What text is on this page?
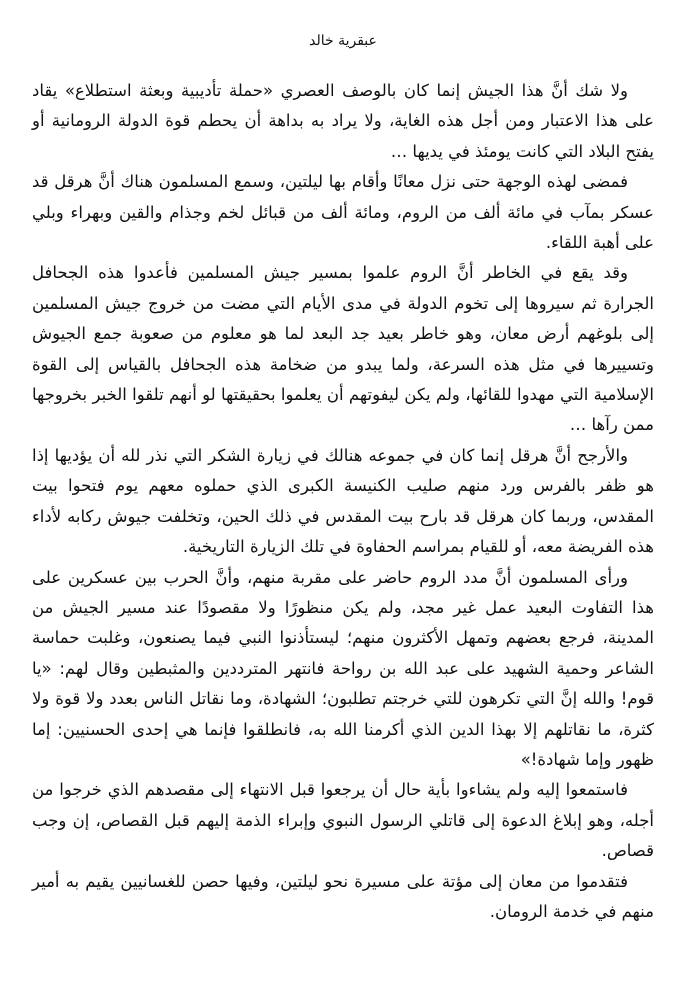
عبقرية خالد

ولا شك أنَّ هذا الجيش إنما كان بالوصف العصري «حملة تأديبية وبعثة استطلاع» يقاد على هذا الاعتبار ومن أجل هذه الغاية، ولا يراد به بداهة أن يحطم قوة الدولة الرومانية أو يفتح البلاد التي كانت يومئذ في يديها …

فمضى لهذه الوجهة حتى نزل معانًا وأقام بها ليلتين، وسمع المسلمون هناك أنَّ هرقل قد عسكر بمآب في مائة ألف من الروم، ومائة ألف من قبائل لخم وجذام والقين وبهراء وبلي على أهبة اللقاء.

وقد يقع في الخاطر أنَّ الروم علموا بمسير جيش المسلمين فأعدوا هذه الجحافل الجرارة ثم سيروها إلى تخوم الدولة في مدى الأيام التي مضت من خروج جيش المسلمين إلى بلوغهم أرض معان، وهو خاطر بعيد جد البعد لما هو معلوم من صعوبة جمع الجيوش وتسييرها في مثل هذه السرعة، ولما يبدو من ضخامة هذه الجحافل بالقياس إلى القوة الإسلامية التي مهدوا للقائها، ولم يكن ليفوتهم أن يعلموا بحقيقتها لو أنهم تلقوا الخبر بخروجها ممن رآها …

والأرجح أنَّ هرقل إنما كان في جموعه هنالك في زيارة الشكر التي نذر لله أن يؤديها إذا هو ظفر بالفرس ورد منهم صليب الكنيسة الكبرى الذي حملوه معهم يوم فتحوا بيت المقدس، وربما كان هرقل قد بارح بيت المقدس في ذلك الحين، وتخلفت جيوش ركابه لأداء هذه الفريضة معه، أو للقيام بمراسم الحفاوة في تلك الزيارة التاريخية.

ورأى المسلمون أنَّ مدد الروم حاضر على مقربة منهم، وأنَّ الحرب بين عسكرين على هذا التفاوت البعيد عمل غير مجد، ولم يكن منظورًا ولا مقصودًا عند مسير الجيش من المدينة، فرجع بعضهم وتمهل الأكثرون منهم؛ ليستأذنوا النبي فيما يصنعون، وغلبت حماسة الشاعر وحمية الشهيد على عبد الله بن رواحة فانتهر المترددين والمثبطين وقال لهم: «يا قوم! والله إنَّ التي تكرهون للتي خرجتم تطلبون؛ الشهادة، وما نقاتل الناس بعدد ولا قوة ولا كثرة، ما نقاتلهم إلا بهذا الدين الذي أكرمنا الله به، فانطلقوا فإنما هي إحدى الحسنيين: إما ظهور وإما شهادة!»

فاستمعوا إليه ولم يشاءوا بأية حال أن يرجعوا قبل الانتهاء إلى مقصدهم الذي خرجوا من أجله، وهو إبلاغ الدعوة إلى قاتلي الرسول النبوي وإبراء الذمة إليهم قبل القصاص، إن وجب قصاص.

فتقدموا من معان إلى مؤتة على مسيرة نحو ليلتين، وفيها حصن للغسانيين يقيم به أمير منهم في خدمة الرومان.
